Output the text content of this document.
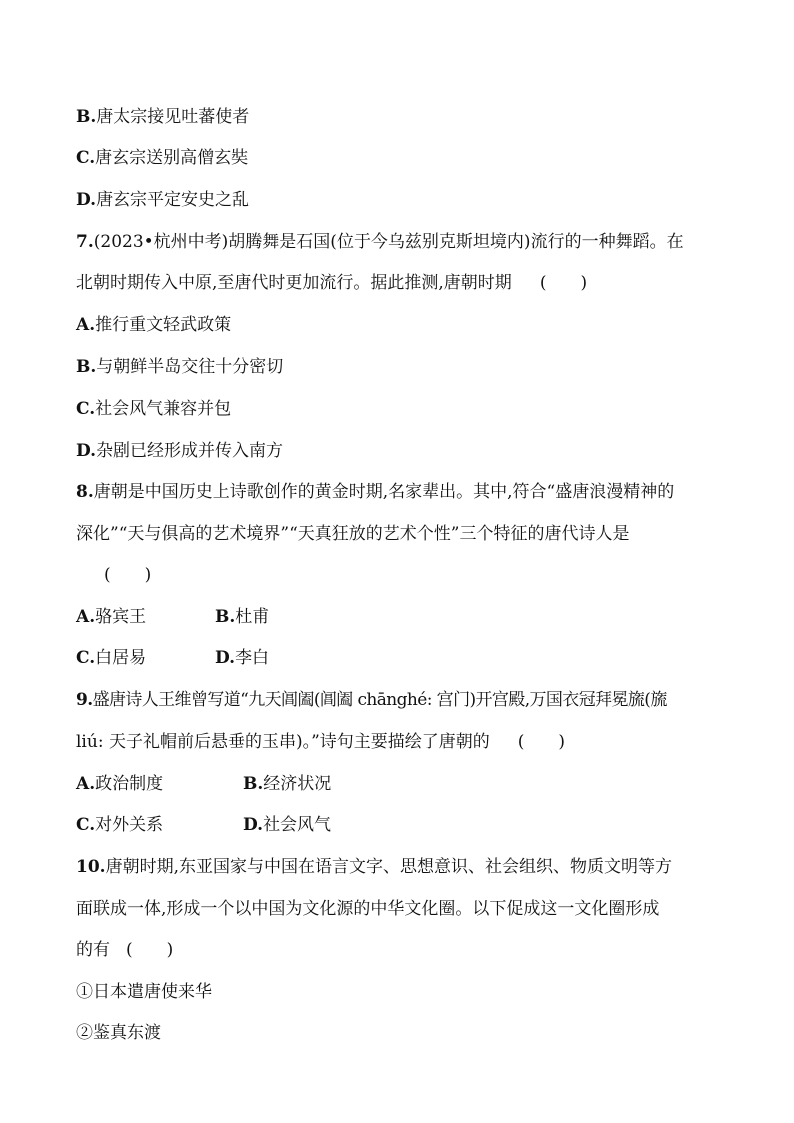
B.唐太宗接见吐蕃使者
C.唐玄宗送别高僧玄奘
D.唐玄宗平定安史之乱
7.(2023•杭州中考)胡腾舞是石国(位于今乌兹别克斯坦境内)流行的一种舞蹈。在
北朝时期传入中原,至唐代时更加流行。据此推测,唐朝时期 (　　)
A.推行重文轻武政策
B.与朝鲜半岛交往十分密切
C.社会风气兼容并包
D.杂剧已经形成并传入南方
8.唐朝是中国历史上诗歌创作的黄金时期,名家辈出。其中,符合“盛唐浪漫精神的
深化”“天与俱高的艺术境界”“天真狂放的艺术个性”三个特征的唐代诗人是
(　　)
A.骆宾王	B.杜甫
C.白居易	D.李白
9.盛唐诗人王维曾写道“九天阊阖(阊阖 chānghé: 宫门)开宫殿,万国衣冠拜冕旒(旒
liú: 天子礼帽前后悬垂的玉串)。”诗句主要描绘了唐朝的 (　　)
A.政治制度	B.经济状况
C.对外关系	D.社会风气
10.唐朝时期,东亚国家与中国在语言文字、思想意识、社会组织、物质文明等方
面联成一体,形成一个以中国为文化源的中华文化圈。以下促成这一文化圈形成
的有 (　　)
①日本遣唐使来华
②鉴真东渡
